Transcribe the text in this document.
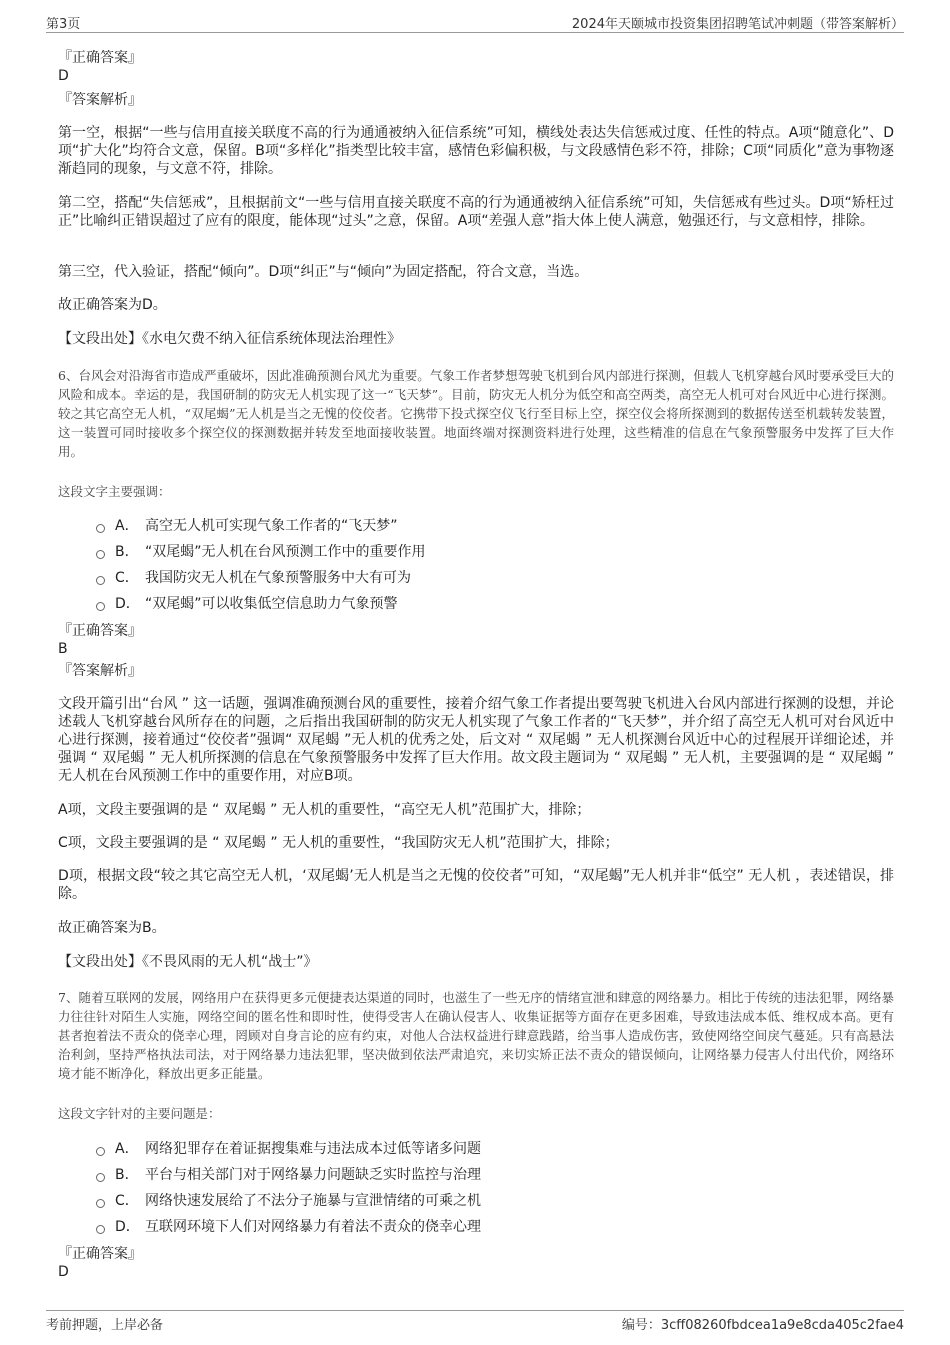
第3页	2024年天颐城市投资集团招聘笔试冲刺题（带答案解析）
『正确答案』
D
『答案解析』
第一空，根据“一些与信用直接关联度不高的行为通通被纳入征信系统”可知，横线处表达失信惩戒过度、任性的特点。A项“随意化”、D项“扩大化”均符合文意，保留。B项“多样化”指类型比较丰富，感情色彩偏积极，与文段感情色彩不符，排除；C项“同质化”意为事物逐渐趋同的现象，与文意不符，排除。
第二空，搭配“失信惩戒”，且根据前文“一些与信用直接关联度不高的行为通通被纳入征信系统”可知，失信惩戒有些过头。D项“矫枉过正”比喻纠正错误超过了应有的限度，能体现“过头”之意，保留。A项“差强人意”指大体上使人满意，勉强还行，与文意相悖，排除。
第三空，代入验证，搭配“倾向”。D项“纠正”与“倾向”为固定搭配，符合文意，当选。
故正确答案为D。
【文段出处】《水电欠费不纳入征信系统体现法治理性》
6、台风会对沿海省市造成严重破坏，因此准确预测台风尤为重要。气象工作者梦想驾驶飞机到台风内部进行探测，但载人飞机穿越台风时要承受巨大的风险和成本。幸运的是，我国研制的防灾无人机实现了这一“飞天梦”。目前，防灾无人机分为低空和高空两类，高空无人机可对台风近中心进行探测。较之其它高空无人机，“双尾蝎”无人机是当之无愧的佼佼者。它携带下投式探空仪飞行至目标上空，探空仪会将所探测到的数据传送至机载转发装置，这一装置可同时接收多个探空仪的探测数据并转发至地面接收装置。地面终端对探测资料进行处理，这些精准的信息在气象预警服务中发挥了巨大作用。
这段文字主要强调：
A． 高空无人机可实现气象工作者的“飞天梦”
B． “双尾蝎”无人机在台风预测工作中的重要作用
C． 我国防灾无人机在气象预警服务中大有可为
D． “双尾蝎”可以收集低空信息助力气象预警
『正确答案』
B
『答案解析』
文段开篇引出“台风 ” 这一话题，强调准确预测台风的重要性，接着介绍气象工作者提出要驾驶飞机进入台风内部进行探测的设想，并论述载人飞机穿越台风所存在的问题，之后指出我国研制的防灾无人机实现了气象工作者的“飞天梦”，并介绍了高空无人机可对台风近中心进行探测，接着通过“佼佼者”强调“ 双尾蝎 ”无人机的优秀之处，后文对 “ 双尾蝎 ” 无人机探测台风近中心的过程展开详细论述，并强调 “ 双尾蝎 ” 无人机所探测的信息在气象预警服务中发挥了巨大作用。故文段主题词为 “ 双尾蝎 ” 无人机，主要强调的是 “ 双尾蝎 ” 无人机在台风预测工作中的重要作用，对应B项。
A项，文段主要强调的是 “ 双尾蝎 ” 无人机的重要性，“高空无人机”范围扩大，排除；
C项，文段主要强调的是 “ 双尾蝎 ” 无人机的重要性，“我国防灾无人机”范围扩大，排除；
D项，根据文段“较之其它高空无人机，‘双尾蝎’无人机是当之无愧的佼佼者”可知，“双尾蝎”无人机并非“低空” 无人机 ，表述错误，排除。
故正确答案为B。
【文段出处】《不畏风雨的无人机“战士”》
7、随着互联网的发展，网络用户在获得更多元便捷表达渠道的同时，也滋生了一些无序的情绪宣泄和肆意的网络暴力。相比于传统的违法犯罪，网络暴力往往针对陌生人实施，网络空间的匿名性和即时性，使得受害人在确认侵害人、收集证据等方面存在更多困难，导致违法成本低、维权成本高。更有甚者抱着法不责众的侥幸心理，罔顾对自身言论的应有约束，对他人合法权益进行肆意践踏，给当事人造成伤害，致使网络空间戾气蔓延。只有高悬法治利剑，坚持严格执法司法，对于网络暴力违法犯罪，坚决做到依法严肃追究，来切实矫正法不责众的错误倾向，让网络暴力侵害人付出代价，网络环境才能不断净化，释放出更多正能量。
这段文字针对的主要问题是：
A． 网络犯罪存在着证据搜集难与违法成本过低等诸多问题
B． 平台与相关部门对于网络暴力问题缺乏实时监控与治理
C． 网络快速发展给了不法分子施暴与宣泄情绪的可乘之机
D． 互联网环境下人们对网络暴力有着法不责众的侥幸心理
『正确答案』
D
考前押题，上岸必备	编号：3cff08260fbdcea1a9e8cda405c2fae4
